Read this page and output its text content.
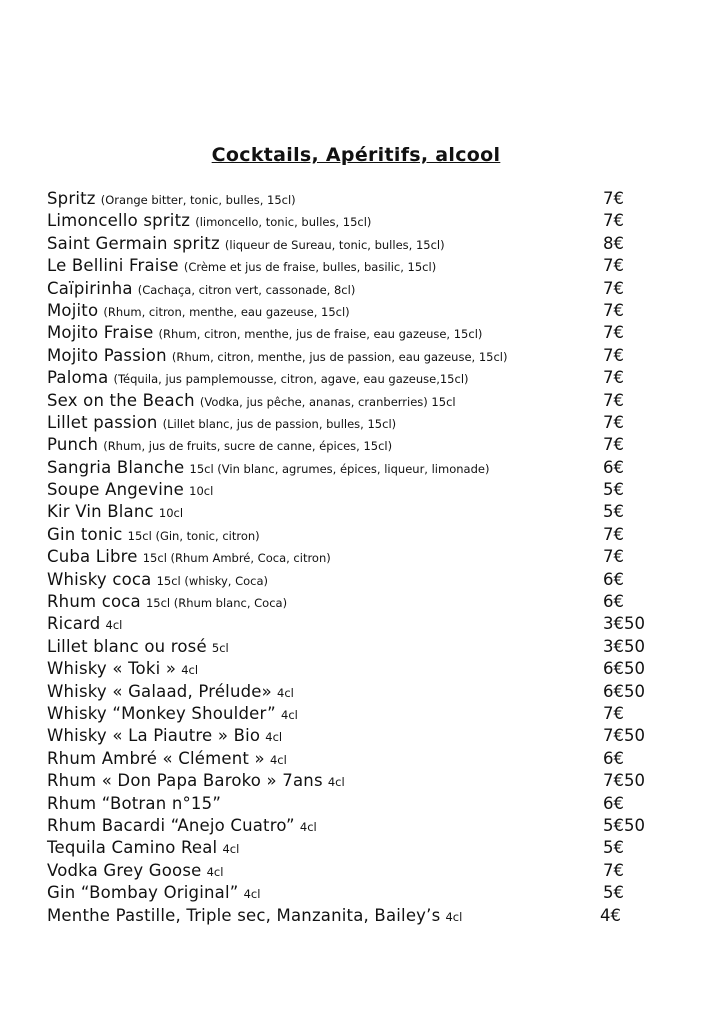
Cocktails, Apéritifs, alcool
Spritz (Orange bitter, tonic, bulles, 15cl)	7€
Limoncello spritz (limoncello, tonic, bulles, 15cl)	7€
Saint Germain spritz (liqueur de Sureau, tonic, bulles, 15cl)	8€
Le Bellini Fraise (Crème et jus de fraise, bulles, basilic, 15cl)	7€
Caïpirinha (Cachaça, citron vert, cassonade, 8cl)	7€
Mojito (Rhum, citron, menthe, eau gazeuse, 15cl)	7€
Mojito Fraise (Rhum, citron, menthe, jus de fraise, eau gazeuse, 15cl)	7€
Mojito Passion (Rhum, citron, menthe, jus de passion, eau gazeuse, 15cl)	7€
Paloma (Téquila, jus pamplemousse, citron, agave, eau gazeuse,15cl)	7€
Sex on the Beach (Vodka, jus pêche, ananas, cranberries) 15cl	7€
Lillet passion (Lillet blanc, jus de passion, bulles, 15cl)	7€
Punch (Rhum, jus de fruits, sucre de canne, épices, 15cl)	7€
Sangria Blanche 15cl (Vin blanc, agrumes, épices, liqueur, limonade)	6€
Soupe Angevine 10cl	5€
Kir Vin Blanc 10cl	5€
Gin tonic 15cl (Gin, tonic, citron)	7€
Cuba Libre 15cl (Rhum Ambré, Coca, citron)	7€
Whisky coca 15cl (whisky, Coca)	6€
Rhum coca 15cl (Rhum blanc, Coca)	6€
Ricard 4cl	3€50
Lillet blanc ou rosé 5cl	3€50
Whisky « Toki » 4cl	6€50
Whisky « Galaad, Prélude» 4cl	6€50
Whisky “Monkey Shoulder” 4cl	7€
Whisky « La Piautre » Bio 4cl	7€50
Rhum Ambré « Clément » 4cl	6€
Rhum « Don Papa Baroko » 7ans 4cl	7€50
Rhum “Botran n°15”	6€
Rhum Bacardi “Anejo Cuatro” 4cl	5€50
Tequila Camino Real 4cl	5€
Vodka Grey Goose 4cl	7€
Gin “Bombay Original” 4cl	5€
Menthe Pastille, Triple sec, Manzanita, Bailey’s 4cl	4€
